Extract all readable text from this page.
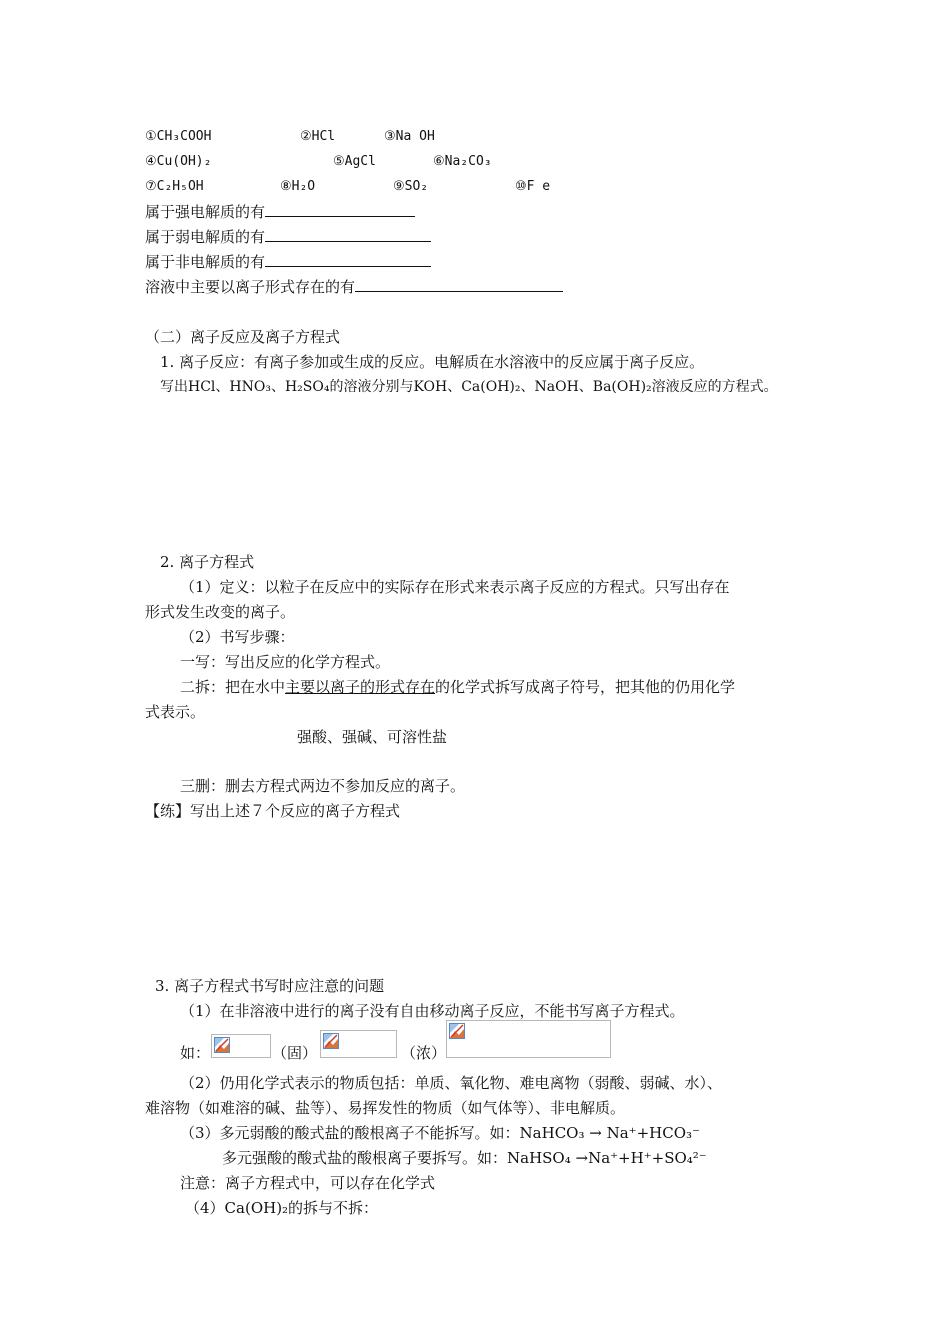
①CH₃COOH	②HCl	③Na OH
④Cu(OH)₂	⑤AgCl	⑥Na₂CO₃
⑦C₂H₅OH	⑧H₂O	⑨SO₂	⑩F e
属于强电解质的有
属于弱电解质的有
属于非电解质的有
溶液中主要以离子形式存在的有
（二）离子反应及离子方程式
1. 离子反应：有离子参加或生成的反应。电解质在水溶液中的反应属于离子反应。
写出HCl、HNO₃、H₂SO₄的溶液分别与KOH、Ca(OH)₂、NaOH、Ba(OH)₂溶液反应的方程式。
2. 离子方程式
（1）定义：以粒子在反应中的实际存在形式来表示离子反应的方程式。只写出存在
形式发生改变的离子。
（2）书写步骤：
一写：写出反应的化学方程式。
二拆：把在水中主要以离子的形式存在的化学式拆写成离子符号，把其他的仍用化学
式表示。
强酸、强碱、可溶性盐
三删：删去方程式两边不参加反应的离子。
【练】写出上述７个反应的离子方程式
3. 离子方程式书写时应注意的问题
（1）在非溶液中进行的离子没有自由移动离子反应，不能书写离子方程式。
如：	（固）	（浓）
（2）仍用化学式表示的物质包括：单质、氧化物、难电离物（弱酸、弱碱、水）、
难溶物（如难溶的碱、盐等）、易挥发性的物质（如气体等）、非电解质。
（3）多元弱酸的酸式盐的酸根离子不能拆写。如：NaHCO₃ → Na⁺+HCO₃⁻
多元强酸的酸式盐的酸根离子要拆写。如：NaHSO₄ →Na⁺+H⁺+SO₄²⁻
注意：离子方程式中，可以存在化学式
（4）Ca(OH)₂的拆与不拆：
